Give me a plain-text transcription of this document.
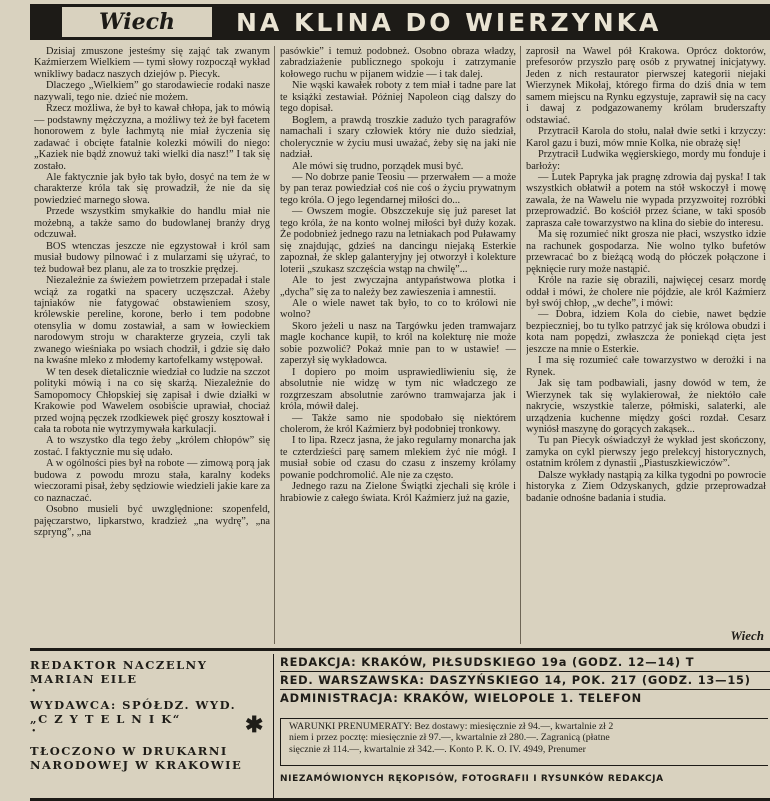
Wiech	NA KLINA DO WIERZYNKA

Dzisiaj zmuszone jesteśmy się zająć tak zwanym Kaźmierzem Wielkiem — tymi słowy rozpoczął wykład wnikliwy badacz naszych dziejów p. Piecyk.

Dlaczego „Wielkiem” go starodawiecie rodaki nasze nazywali, tego nie. dzieć nie możem.

Rzecz możliwa, że był to kawał chłopa, jak to mówią — podstawny mężczyzna, a możliwy też że był facetem honorowem z byle łachmytą nie miał życzenia się zadawać i obcięte fatalnie kolezki mówili do niego: „Kaziek nie bądź znowuż taki wielki dia nasz!” I tak się zostało.

Ale faktycznie jak było tak było, dosyć na tem że w charakterze króla tak się prowadził, że nie da się powiedzieć marnego słowa.

Przede wszystkim smykałkie do handlu miał nie możebną, a także samo do budowlanej branży dryg odczuwał.

BOS wtenczas jeszcze nie egzystował i król sam musiał budowy pilnować i z mularzami się użyrać, to też budował bez planu, ale za to troszkie prędzej.

Niezależnie za świeżem powietrzem przepadał i stale wciąż za rogatki na spacery uczęszczał. Ażeby tajniaków nie fatygować obstawieniem szosy, królewskie pereline, korone, berło i tem podobne otensylia w domu zostawiał, a sam w łowieckiem narodowym stroju w charakterze gryzeia, czyli tak zwanego wieśniaka po wsiach chodził, i gdzie się dało na kwaśne mleko z młodemy kartofelkamy wstępował.

W ten desek dietalicznie wiedział co ludzie na szczot polityki mówią i na co się skarżą. Niezależnie do Samopomocy Chłopskiej się zapisał i dwie działki w Krakowie pod Wawelem osobiście uprawiał, chociaż przed wojną pęczek rzodkiewek pięć groszy kosztował i cała ta robota nie wytrzymywała karkulacji.

A to wszystko dla tego żeby „królem chłopów” się zostać. I faktycznie mu się udało.

A w ogólności pies był na robote — zimową porą jak budowa z powodu mrozu stała, karalny kodeks wieczorami pisał, żeby sędziowie wiedzieli jakie kare za co naznaczać.

Osobno musieli być uwzględnione: szopenfeld, pajęczarstwo, lipkarstwo, kradzież „na wydrę”, „na szpryng”, „na

pasówkie” i temuż podobneż. Osobno obraza władzy, zabradziażenie publicznego spokoju i zatrzymanie kołowego ruchu w pijanem widzie — i tak dalej.

Nie wąski kawałek roboty z tem miał i tadne pare lat te książki zestawiał. Później Napoleon ciąg dalszy do tego dopisał.

Boglem, a prawdą troszkie zadużo tych paragrafów namachali i szary człowiek który nie dużo siedział, cholerycznie w życiu musi uważać, żeby się na jaki nie nadział.

Ale mówi się trudno, porządek musi być.

— No dobrze panie Teosiu — przerwałem — a może by pan teraz powiedział coś nie coś o życiu prywatnym tego króla. O jego legendarnej miłości do...

— Owszem mogie. Obszczekuje się już pareset lat tego króla, że na konto wolnej miłości był duży kozak. Że podobnież jednego razu na letniakach pod Puławamy się znajdując, gdzieś na dancingu niejaką Esterkie zapoznał, że sklep galanteryjny jej otworzył i kolekture loterii „szukasz szczęścia wstąp na chwilę”...

Ale to jest zwyczajna antypaństwowa plotka i „dycha” się za to należy bez zawieszenia i amnestii.

Ale o wiele nawet tak było, to co to królowi nie wolno?

Skoro jeżeli u nasz na Targówku jeden tramwajarz magle kochance kupił, to król na kolekturę nie może sobie pozwolić? Pokaż mnie pan to w ustawie! — zaperzył się wykładowca.

I dopiero po moim usprawiedliwieniu się, że absolutnie nie widzę w tym nic władczego ze rozgrzeszam absolutnie zarówno tramwajarza jak i króla, mówił dalej.

— Także samo nie spodobało się niektórem cholerom, że król Kaźmierz był podobniej tronkowy.

I to lipa. Rzecz jasna, że jako regularny monarcha jak te czterdzieści parę samem mlekiem żyć nie mógł. I musiał sobie od czasu do czasu z inszemy królamy powanie podchromolić. Ale nie za często.

Jednego razu na Zielone Świątki zjechali się króle i hrabiowie z całego świata. Król Kaźmierz już na gazie,

zaprosił na Wawel pół Krakowa. Oprócz doktorów, prefesorów przyszło parę osób z prywatnej inicjatywy. Jeden z nich restaurator pierwszej kategorii niejaki Wierzynek Mikołaj, którego firma do dziś dnia w tem samem miejscu na Rynku egzystuje, zaprawił się na cacy i dawaj z podgazowanemy królam bruderszafty odstawiać.

Przytracił Karola do stołu, nalał dwie setki i krzyczy: Karol gazu i buzi, mów mnie Kolka, nie obrażę się!

Przytracił Ludwika węgierskiego, mordy mu fonduje i barłoży:

— Lutek Papryka jak pragnę zdrowia daj pyska! I tak wszystkich obłatwił a potem na stół wskoczył i mowę zawala, że na Wawelu nie wypada przyzwoitej rozróbki przeprowadzić. Bo kościół przez ściane, w taki sposób zaprasza całe towarzystwo na klina do siebie do interesu.

Ma się rozumieć nikt grosza nie płaci, wszystko idzie na rachunek gospodarza. Nie wolno tylko bufetów przewracać bo z bieżącą wodą do płóczek połączone i pęknięcie rury może nastąpić.

Króle na razie się obrazili, najwięcej cesarz mordę oddał i mówi, że cholere nie pójdzie, ale król Kaźmierz był swój chłop, „w deche”, i mówi:

— Dobra, idziem Kola do ciebie, nawet będzie bezpieczniej, bo tu tylko patrzyć jak się królowa obudzi i kota nam popędzi, zwłaszcza że poniekąd cięta jest jeszcze na mnie o Esterkie.

I ma się rozumieć całe towarzystwo w derożki i na Rynek.

Jak się tam podbawiali, jasny dowód w tem, że Wierzynek tak się wylakierował, że niektóło całe nakrycie, wszystkie talerze, półmiski, salaterki, ale urządzenia kuchenne między gości rozdał. Cesarz wyniósł maszynę do gorących zakąsek...

Tu pan Piecyk oświadczył że wykład jest skończony, zamyka on cykl pierwszy jego prelekcyj historycznych, ostatnim królem z dynastii „Piastuszkiewiczów”.

Dalsze wykłady nastąpią za kilka tygodni po powrocie historyka z Ziem Odzyskanych, gdzie przeprowadzał badanie odnośne badania i studia.

Wiech
REDAKTOR NACZELNY
MARIAN EILE
•
WYDAWCA: SPÓŁDZ. WYD.
„C Z Y T E L N I K“
•
TŁOCZONO W DRUKARNI
NARODOWEJ W KRAKOWIE
✱
REDAKCJA: KRAKÓW, PIŁSUDSKIEGO 19a (GODZ. 12—14) T
RED. WARSZAWSKA: DASZYŃSKIEGO 14, POK. 217 (GODZ. 13—15)
ADMINISTRACJA: KRAKÓW, WIELOPOLE 1. TELEFON

WARUNKI PRENUMERATY: Bez dostawy: miesięcznie zł 94.—, kwartalnie zł 2

niem i przez pocztę: miesięcznie zł 97.—, kwartalnie zł 280.—. Zagranicą (płatne

sięcznie zł 114.—, kwartalnie zł 342.—. Konto P. K. O. IV. 4949, Prenumer

NIEZAMÓWIONYCH RĘKOPISÓW, FOTOGRAFII I RYSUNKÓW REDAKCJA
